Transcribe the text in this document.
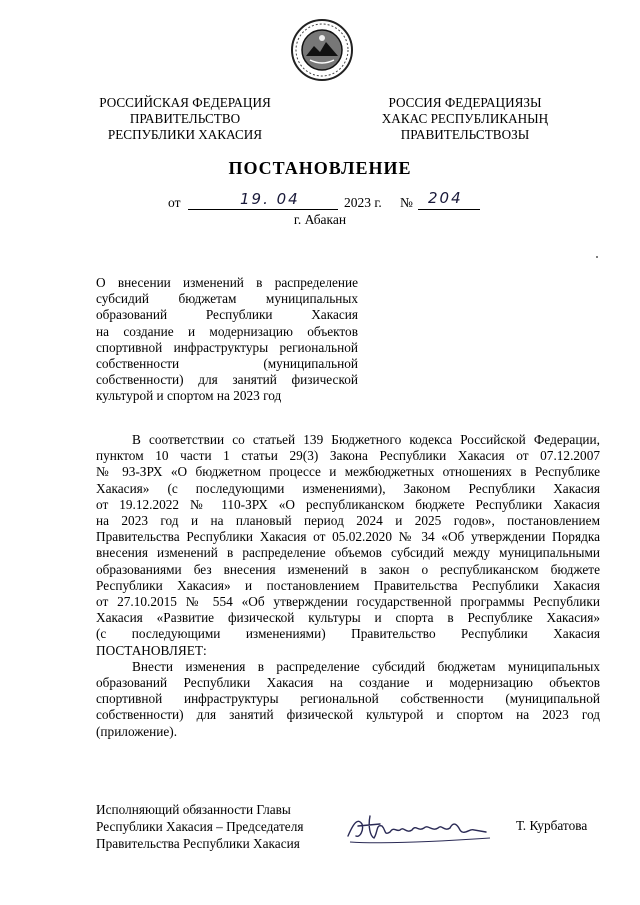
РОССИЙСКАЯ ФЕДЕРАЦИЯ
ПРАВИТЕЛЬСТВО
РЕСПУБЛИКИ ХАКАСИЯ
РОССИЯ ФЕДЕРАЦИЯЗЫ
ХАКАС РЕСПУБЛИКАНЫҢ
ПРАВИТЕЛЬСТВОЗЫ
ПОСТАНОВЛЕНИЕ
от	19. 04	2023 г. № 204
г. Абакан
О внесении изменений в распределение
субсидий бюджетам муниципальных
образований Республики Хакасия
на создание и модернизацию объектов
спортивной инфраструктуры региональной
собственности (муниципальной
собственности) для занятий физической
культурой и спортом на 2023 год
В соответствии со статьей 139 Бюджетного кодекса Российской Федерации,
пунктом 10 части 1 статьи 29(3) Закона Республики Хакасия от 07.12.2007
№ 93-ЗРХ «О бюджетном процессе и межбюджетных отношениях в Республике
Хакасия» (с последующими изменениями), Законом Республики Хакасия
от 19.12.2022 № 110-ЗРХ «О республиканском бюджете Республики Хакасия
на 2023 год и на плановый период 2024 и 2025 годов», постановлением
Правительства Республики Хакасия от 05.02.2020 № 34 «Об утверждении Порядка
внесения изменений в распределение объемов субсидий между муниципальными
образованиями без внесения изменений в закон о республиканском бюджете
Республики Хакасия» и постановлением Правительства Республики Хакасия
от 27.10.2015 № 554 «Об утверждении государственной программы Республики
Хакасия «Развитие физической культуры и спорта в Республике Хакасия»
(с последующими изменениями) Правительство Республики Хакасия
ПОСТАНОВЛЯЕТ:
Внести изменения в распределение субсидий бюджетам муниципальных
образований Республики Хакасия на создание и модернизацию объектов
спортивной инфраструктуры региональной собственности (муниципальной
собственности) для занятий физической культурой и спортом на 2023 год
(приложение).
Исполняющий обязанности Главы
Республики Хакасия – Председателя
Правительства Республики Хакасия
Т. Курбатова
